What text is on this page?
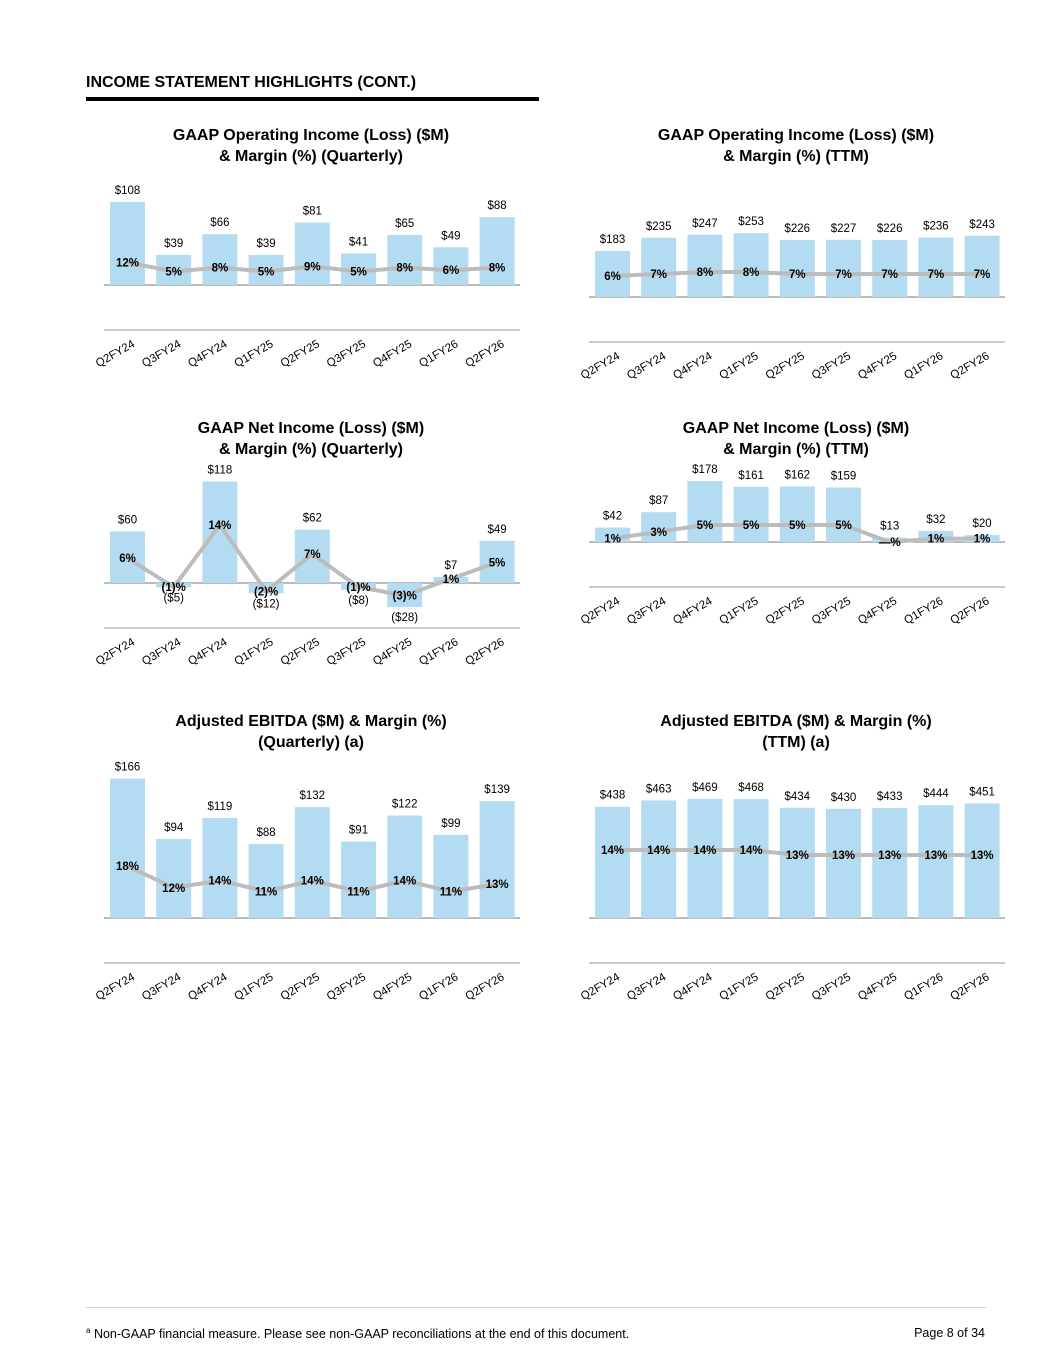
INCOME STATEMENT HIGHLIGHTS (CONT.)
GAAP Operating Income (Loss) ($M)
& Margin (%) (Quarterly)
$108
Q2FY24
$39
Q3FY24
$66
Q4FY24
$39
Q1FY25
$81
Q2FY25
$41
Q3FY25
$65
Q4FY25
$49
Q1FY26
$88
Q2FY26
12%
5%	8%	5%	9%	5%	8%	6%	8%
GAAP Operating Income (Loss) ($M)
& Margin (%) (TTM)
$183
Q2FY24
$235
Q3FY24
$247
Q4FY24
$253
Q1FY25
$226
Q2FY25
$227
Q3FY25
$226
Q4FY25
$236
Q1FY26
$243
Q2FY26
6%	7%	8%	8%	7%	7%	7%	7%	7%
GAAP Net Income (Loss) ($M)
& Margin (%) (Quarterly)
$60
Q2FY24
($5)
Q3FY24
$118
Q4FY24
($12)
Q1FY25
$62
Q2FY25
($8)
Q3FY25
($28)
Q4FY25
$7
Q1FY26
$49
Q2FY26
6%
(1)%
14%
(2)%
7%
(1)%
(3)%
1%
5%
GAAP Net Income (Loss) ($M)
& Margin (%) (TTM)
$42
Q2FY24
$87
Q3FY24
$178
Q4FY24
$161
Q1FY25
$162
Q2FY25
$159
Q3FY25
$13
Q4FY25
$32
Q1FY26
$20
Q2FY26
1%
3%
5%	5%	5%	5%
—% 1%	1%
Adjusted EBITDA ($M) & Margin (%)
(Quarterly) (a)
$166
Q2FY24
$94
Q3FY24
$119
Q4FY24
$88
Q1FY25
$132
Q2FY25
$91
Q3FY25
$122
Q4FY25
$99
Q1FY26
$139
Q2FY26
18%
12%
14%
11%
14%
11%
14%
11%
13%
Adjusted EBITDA ($M) & Margin (%)
(TTM) (a)
$438
Q2FY24
$463
Q3FY24
$469
Q4FY24
$468
Q1FY25
$434
Q2FY25
$430
Q3FY25
$433
Q4FY25
$444
Q1FY26
$451
Q2FY26
14% 14% 14% 14% 13% 13% 13% 13% 13%
$^a$ Non-GAAP financial measure. Please see non-GAAP reconciliations at the end of this document.	Page 8 of 34
